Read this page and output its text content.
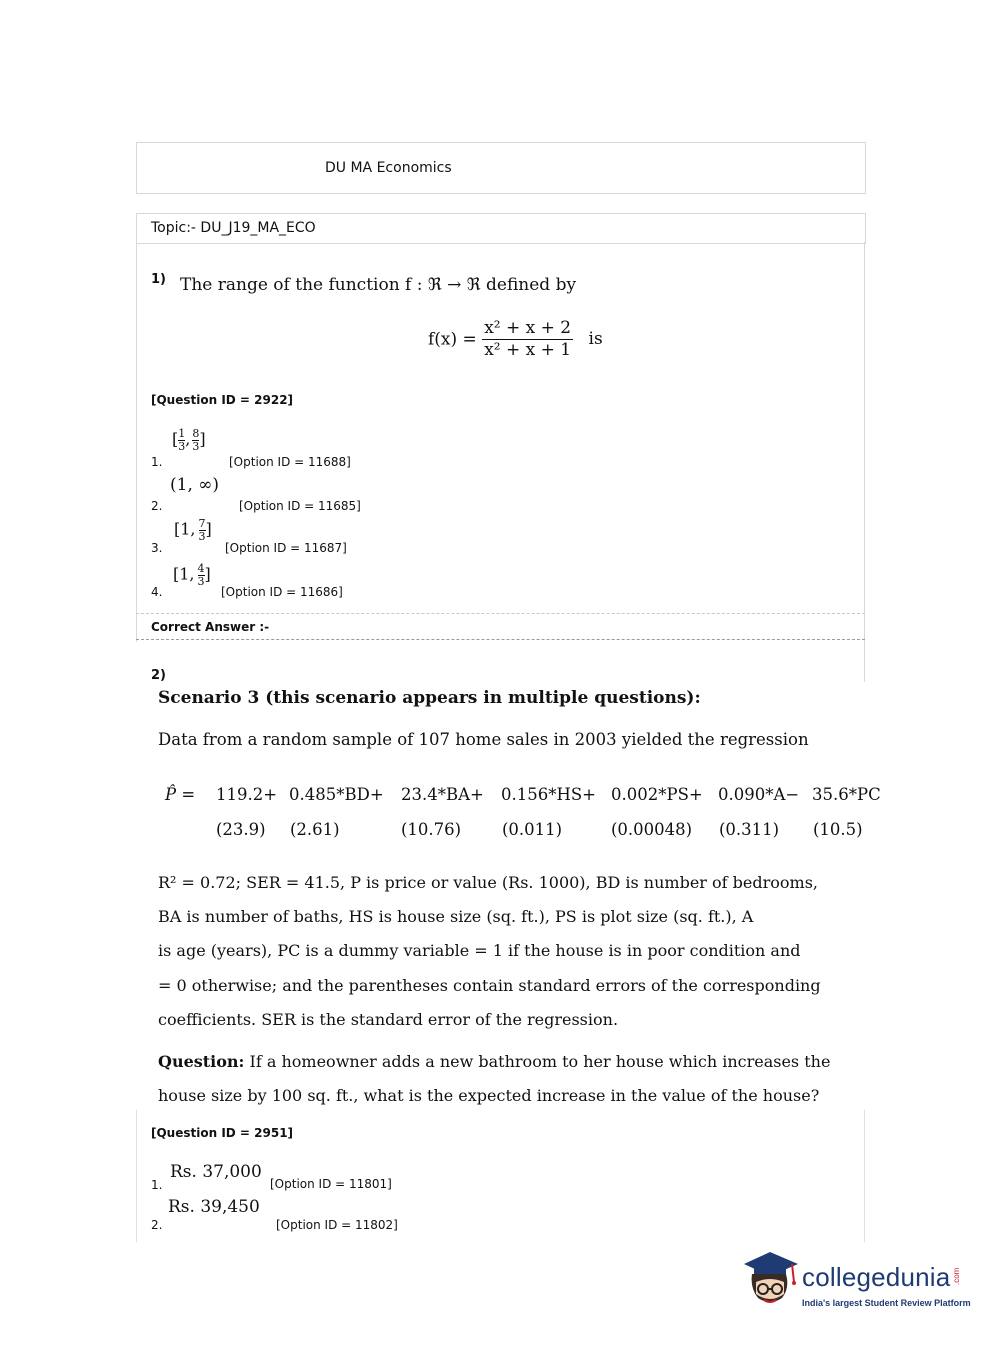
DU MA Economics
Topic:- DU_J19_MA_ECO
1) The range of the function f : ℜ → ℜ defined by
$f(x) = \frac{\text{x² + x + 2}}{\text{x² + x + 1}}$ is
[Question ID = 2922]
[ $\frac{1}{3}$ , $\frac{8}{3}$ ]
1.	[Option ID = 11688]
(1, ∞)
2.	[Option ID = 11685]
[1, $\frac{7}{3}$ ]
3.	[Option ID = 11687]
[1, $\frac{4}{3}$ ]
4.	[Option ID = 11686]
Correct Answer :-
2)
Scenario 3 (this scenario appears in multiple questions):
Data from a random sample of 107 home sales in 2003 yielded the regression
P̂ = 119.2+ 0.485*BD+ 23.4*BA+ 0.156*HS+ 0.002*PS+ 0.090*A− 35.6*PC
(23.9) (2.61)	(10.76) (0.011)	(0.00048) (0.311) (10.5)
R² = 0.72; SER = 41.5, P is price or value (Rs. 1000), BD is number of bedrooms,
BA is number of baths, HS is house size (sq. ft.), PS is plot size (sq. ft.), A
is age (years), PC is a dummy variable = 1 if the house is in poor condition and
= 0 otherwise; and the parentheses contain standard errors of the corresponding
coefficients. SER is the standard error of the regression.
Question: If a homeowner adds a new bathroom to her house which increases the
house size by 100 sq. ft., what is the expected increase in the value of the house?
[Question ID = 2951]
Rs. 37,000
1.	[Option ID = 11801]
Rs. 39,450
2.	[Option ID = 11802]
collegedunia .com
India's largest Student Review Platform
